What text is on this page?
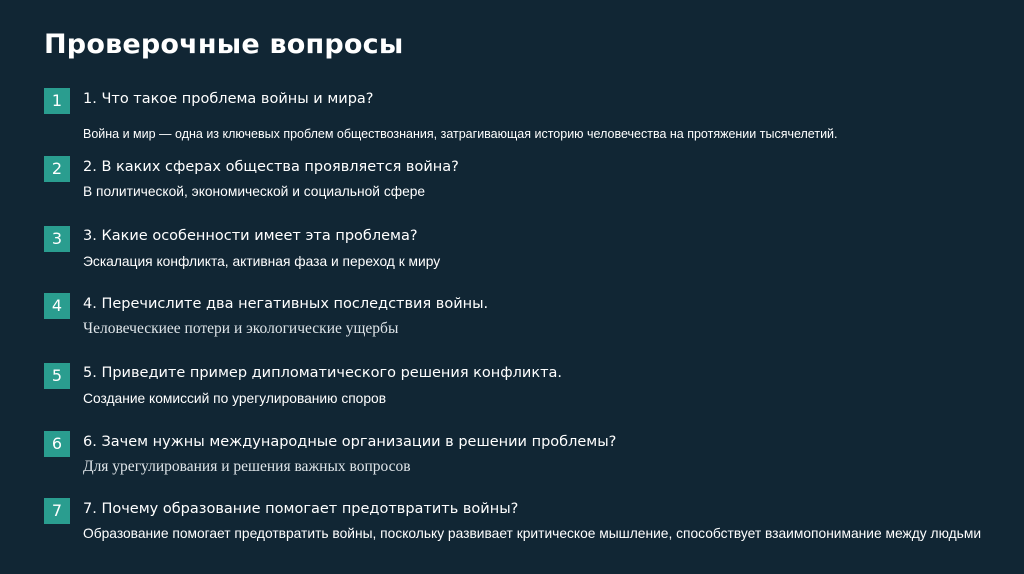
Проверочные вопросы
1	1. Что такое проблема войны и мира?
Война и мир — одна из ключевых проблем обществознания, затрагивающая историю человечества на протяжении тысячелетий.
2	2. В каких сферах общества проявляется война?
В политической, экономической и социальной сфере
3	3. Какие особенности имеет эта проблема?
Эскалация конфликта, активная фаза и переход к миру
4	4. Перечислите два негативных последствия войны.
Человеческиее потери и экологические ущербы
5	5. Приведите пример дипломатического решения конфликта.
Создание комиссий по урегулированию споров
6	6. Зачем нужны международные организации в решении проблемы?
Для урегулирования и решения важных вопросов
7	7. Почему образование помогает предотвратить войны?
Образование помогает предотвратить войны, поскольку развивает критическое мышление, способствует взаимопонимание между людьми
